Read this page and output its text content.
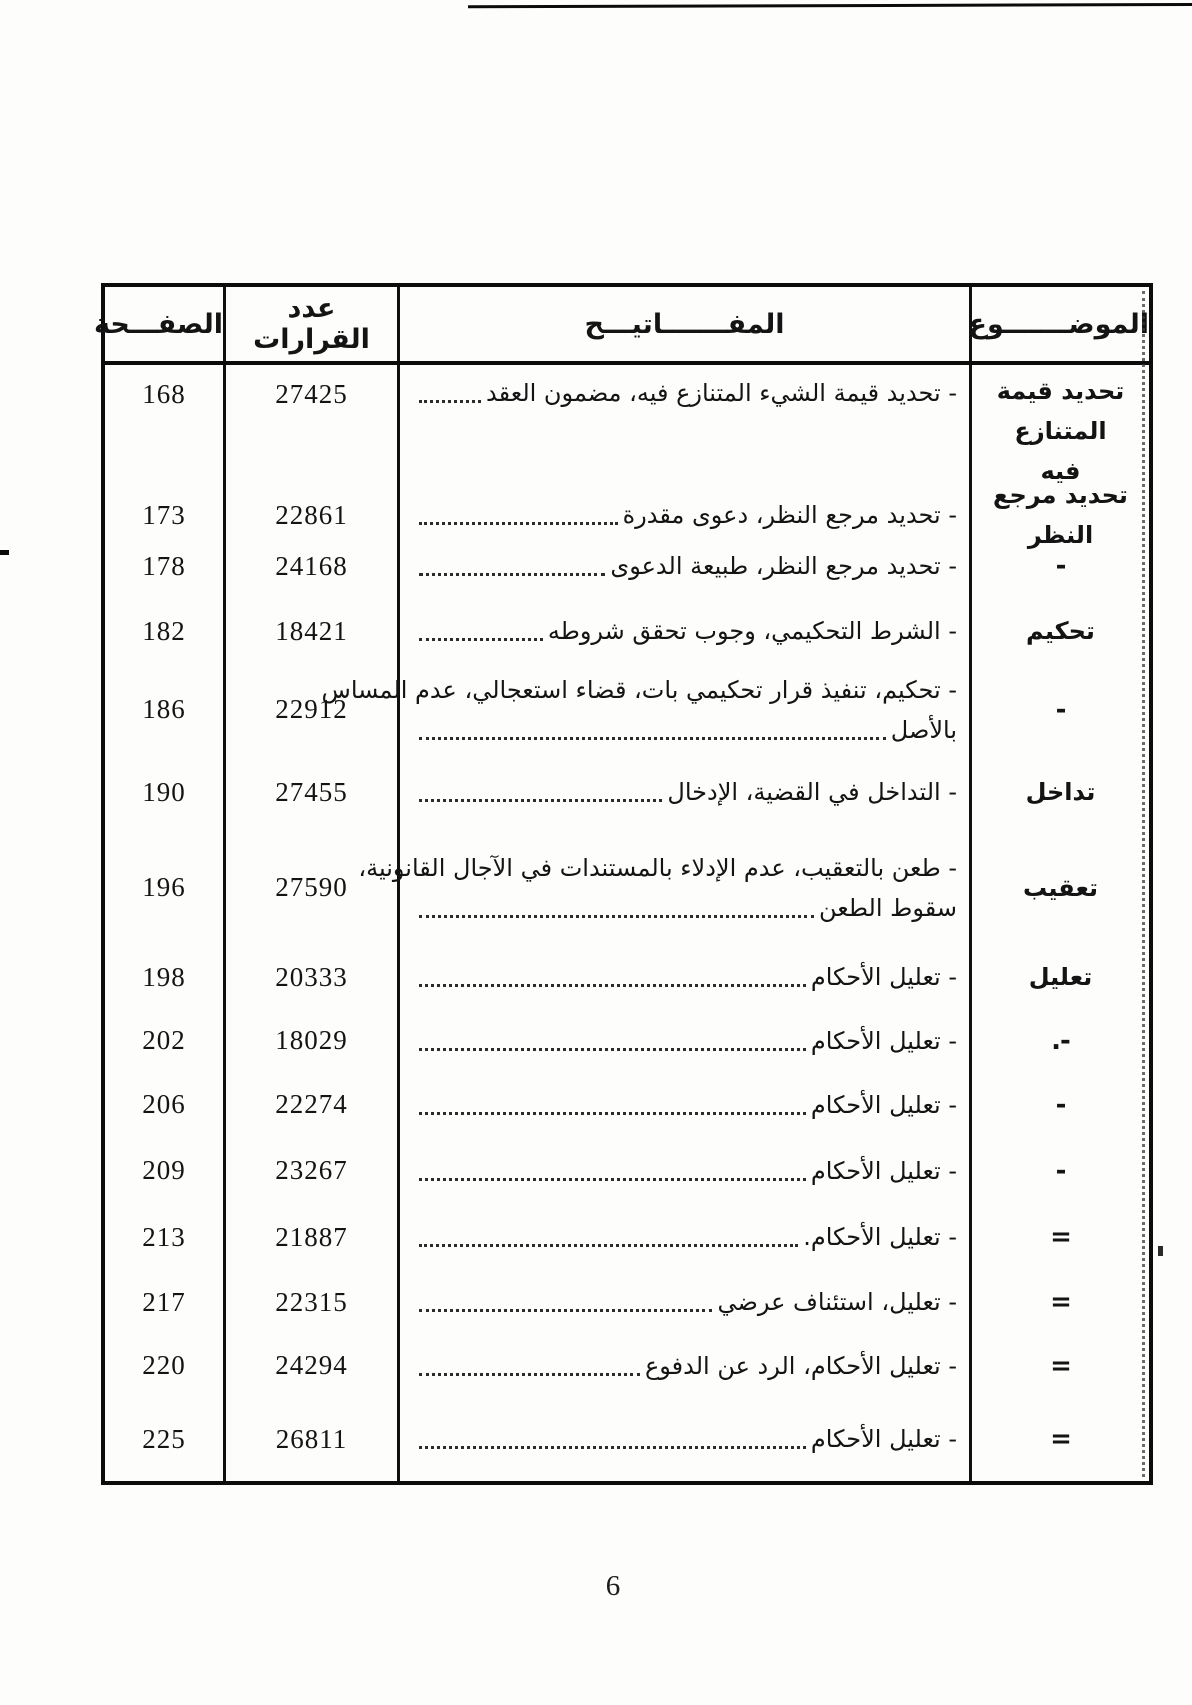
الموضـــــــوع
المفـــــــاتيـــح
عدد القرارات
الصفـــحة
تحديد قيمة المتنازع
فيه
- تحديد قيمة الشيء المتنازع فيه، مضمون العقد
27425
168
تحديد مرجع النظر
- تحديد مرجع النظر، دعوى مقدرة
22861
173
-
- تحديد مرجع النظر، طبيعة الدعوى
24168
178
تحكيم
- الشرط التحكيمي، وجوب تحقق شروطه
18421
182
-
- تحكيم، تنفيذ قرار تحكيمي بات، قضاء استعجالي، عدم المساس
بالأصل
22912
186
تداخل
- التداخل في القضية، الإدخال
27455
190
تعقيب
- طعن بالتعقيب، عدم الإدلاء بالمستندات في الآجال القانونية،
سقوط الطعن
27590
196
تعليل
- تعليل الأحكام
20333
198
-.
- تعليل الأحكام
18029
202
-
- تعليل الأحكام
22274
206
-
- تعليل الأحكام
23267
209
=
- تعليل الأحكام.
21887
213
=
- تعليل، استئناف عرضي
22315
217
=
- تعليل الأحكام، الرد عن الدفوع
24294
220
=
- تعليل الأحكام
26811
225
6
